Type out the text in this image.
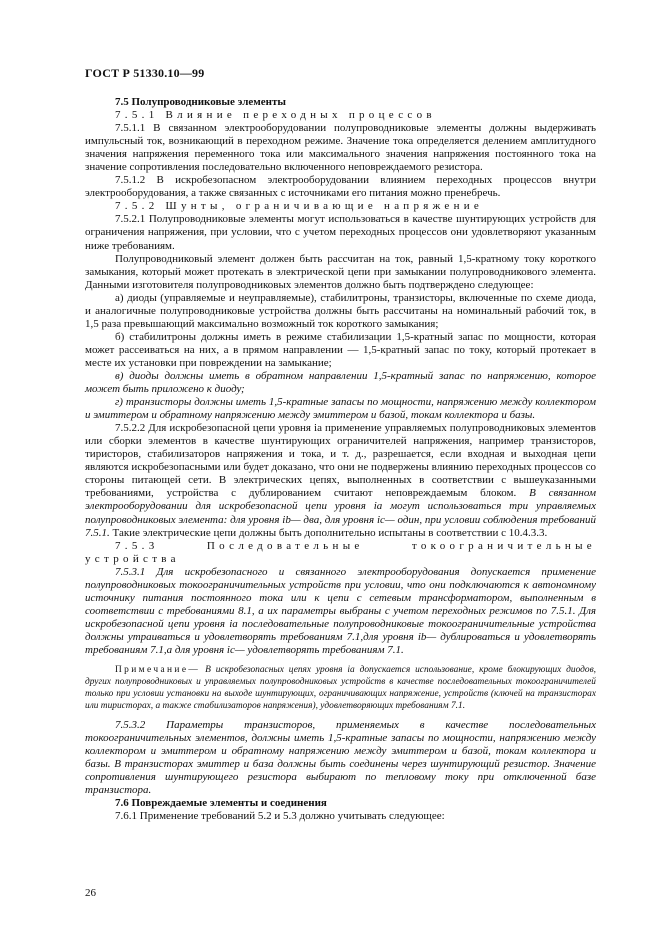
ГОСТ Р 51330.10—99

7.5 Полупроводниковые элементы

7.5.1 Влияние переходных процессов

7.5.1.1 В связанном электрооборудовании полупроводниковые элементы должны выдерживать импульсный ток, возникающий в переходном режиме. Значение тока определяется делением амплитудного значения напряжения переменного тока или максимального значения напряжения постоянного тока на значение сопротивления последовательно включенного неповреждаемого резистора.

7.5.1.2 В искробезопасном электрооборудовании влиянием переходных процессов внутри электрооборудования, а также связанных с источниками его питания можно пренебречь.

7.5.2 Шунты, ограничивающие напряжение

7.5.2.1 Полупроводниковые элементы могут использоваться в качестве шунтирующих устройств для ограничения напряжения, при условии, что с учетом переходных процессов они удовлетворяют указанным ниже требованиям.

Полупроводниковый элемент должен быть рассчитан на ток, равный 1,5-кратному току короткого замыкания, который может протекать в электрической цепи при замыкании полупроводникового элемента. Данными изготовителя полупроводниковых элементов должно быть подтверждено следующее:

а) диоды (управляемые и неуправляемые), стабилитроны, транзисторы, включенные по схеме диода, и аналогичные полупроводниковые устройства должны быть рассчитаны на номинальный рабочий ток, в 1,5 раза превышающий максимально возможный ток короткого замыкания;

б) стабилитроны должны иметь в режиме стабилизации 1,5-кратный запас по мощности, которая может рассеиваться на них, а в прямом направлении — 1,5-кратный запас по току, который протекает в месте их установки при повреждении на замыкание;

в) диоды должны иметь в обратном направлении 1,5-кратный запас по напряжению, которое может быть приложено к диоду;

г) транзисторы должны иметь 1,5-кратные запасы по мощности, напряжению между коллектором и эмиттером и обратному напряжению между эмиттером и базой, токам коллектора и базы.

7.5.2.2 Для искробезопасной цепи уровня ia применение управляемых полупроводниковых элементов или сборки элементов в качестве шунтирующих ограничителей напряжения, например транзисторов, тиристоров, стабилизаторов напряжения и тока, и т. д., разрешается, если входная и выходная цепи являются искробезопасными или будет доказано, что они не подвержены влиянию переходных процессов со стороны питающей сети. В электрических цепях, выполненных в соответствии с вышеуказанными требованиями, устройства с дублированием считают неповреждаемым блоком. В связанном электрооборудовании для искробезопасной цепи уровня ia могут использоваться три управляемых полупроводниковых элемента: для уровня ib— два, для уровня ic— один, при условии соблюдения требований 7.5.1. Такие электрические цепи должны быть дополнительно испытаны в соответствии с 10.4.3.3.

7.5.3 Последовательные токоограничительные устройства

7.5.3.1 Для искробезопасного и связанного электрооборудования допускается применение полупроводниковых токоограничительных устройств при условии, что они подключаются к автономному источнику питания постоянного тока или к цепи с сетевым трансформатором, выполненным в соответствии с требованиями 8.1, а их параметры выбраны с учетом переходных режимов по 7.5.1. Для искробезопасной цепи уровня ia последовательные полупроводниковые токоограничительные устройства должны утраиваться и удовлетворять требованиям 7.1,для уровня ib— дублироваться и удовлетворять требованиям 7.1,а для уровня ic— удовлетворять требованиям 7.1.

Примечание— В искробезопасных цепях уровня ia допускается использование, кроме блокирующих диодов, других полупроводниковых и управляемых полупроводниковых устройств в качестве последовательных токоограничителей только при условии установки на выходе шунтирующих, ограничивающих напряжение, устройств (ключей на транзисторах или тиристорах, а также стабилизаторов напряжения), удовлетворяющих требованиям 7.1.

7.5.3.2 Параметры транзисторов, применяемых в качестве последовательных токоограничительных элементов, должны иметь 1,5-кратные запасы по мощности, напряжению между коллектором и эмиттером и обратному напряжению между эмиттером и базой, токам коллектора и базы. В транзисторах эмиттер и база должны быть соединены через шунтирующий резистор. Значение сопротивления шунтирующего резистора выбирают по тепловому току при отключенной базе транзистора.

7.6 Повреждаемые элементы и соединения

7.6.1 Применение требований 5.2 и 5.3 должно учитывать следующее:

26
